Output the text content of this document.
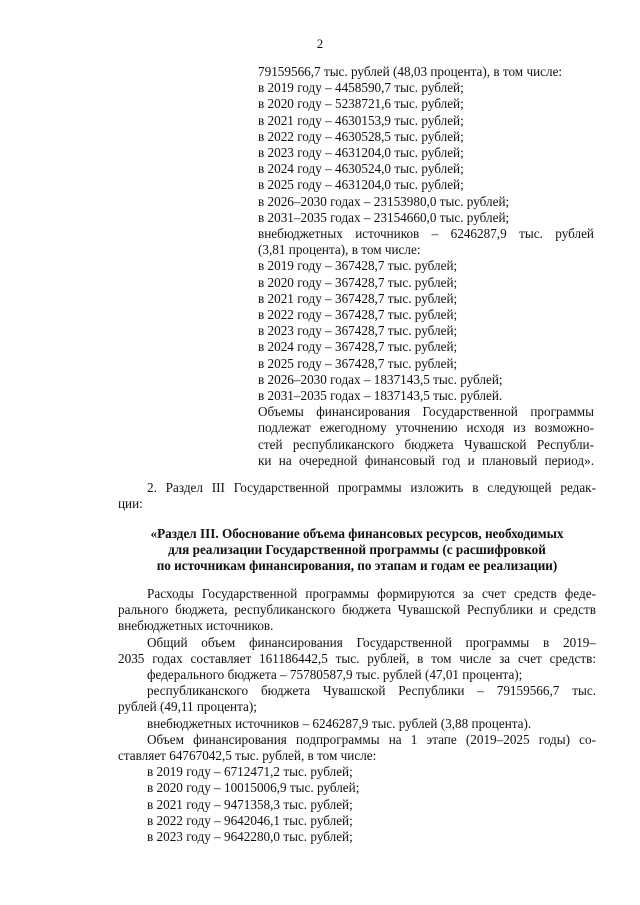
2
79159566,7 тыс. рублей (48,03 процента), в том числе:
в 2019 году – 4458590,7 тыс. рублей;
в 2020 году – 5238721,6 тыс. рублей;
в 2021 году – 4630153,9 тыс. рублей;
в 2022 году – 4630528,5 тыс. рублей;
в 2023 году – 4631204,0 тыс. рублей;
в 2024 году – 4630524,0 тыс. рублей;
в 2025 году – 4631204,0 тыс. рублей;
в 2026–2030 годах – 23153980,0 тыс. рублей;
в 2031–2035 годах – 23154660,0 тыс. рублей;
внебюджетных источников – 6246287,9 тыс. рублей
(3,81 процента), в том числе:
в 2019 году – 367428,7 тыс. рублей;
в 2020 году – 367428,7 тыс. рублей;
в 2021 году – 367428,7 тыс. рублей;
в 2022 году – 367428,7 тыс. рублей;
в 2023 году – 367428,7 тыс. рублей;
в 2024 году – 367428,7 тыс. рублей;
в 2025 году – 367428,7 тыс. рублей;
в 2026–2030 годах – 1837143,5 тыс. рублей;
в 2031–2035 годах – 1837143,5 тыс. рублей.
Объемы финансирования Государственной программы
подлежат ежегодному уточнению исходя из возможно-
стей республиканского бюджета Чувашской Республи-
ки на очередной финансовый год и плановый период».
2. Раздел III Государственной программы изложить в следующей редак-
ции:
«Раздел III. Обоснование объема финансовых ресурсов, необходимых
для реализации Государственной программы (с расшифровкой
по источникам финансирования, по этапам и годам ее реализации)
Расходы Государственной программы формируются за счет средств феде-
рального бюджета, республиканского бюджета Чувашской Республики и средств
внебюджетных источников.
Общий объем финансирования Государственной программы в 2019–
2035 годах составляет 161186442,5 тыс. рублей, в том числе за счет средств:
федерального бюджета – 75780587,9 тыс. рублей (47,01 процента);
республиканского бюджета Чувашской Республики – 79159566,7 тыс.
рублей (49,11 процента);
внебюджетных источников – 6246287,9 тыс. рублей (3,88 процента).
Объем финансирования подпрограммы на 1 этапе (2019–2025 годы) со-
ставляет 64767042,5 тыс. рублей, в том числе:
в 2019 году – 6712471,2 тыс. рублей;
в 2020 году – 10015006,9 тыс. рублей;
в 2021 году – 9471358,3 тыс. рублей;
в 2022 году – 9642046,1 тыс. рублей;
в 2023 году – 9642280,0 тыс. рублей;
